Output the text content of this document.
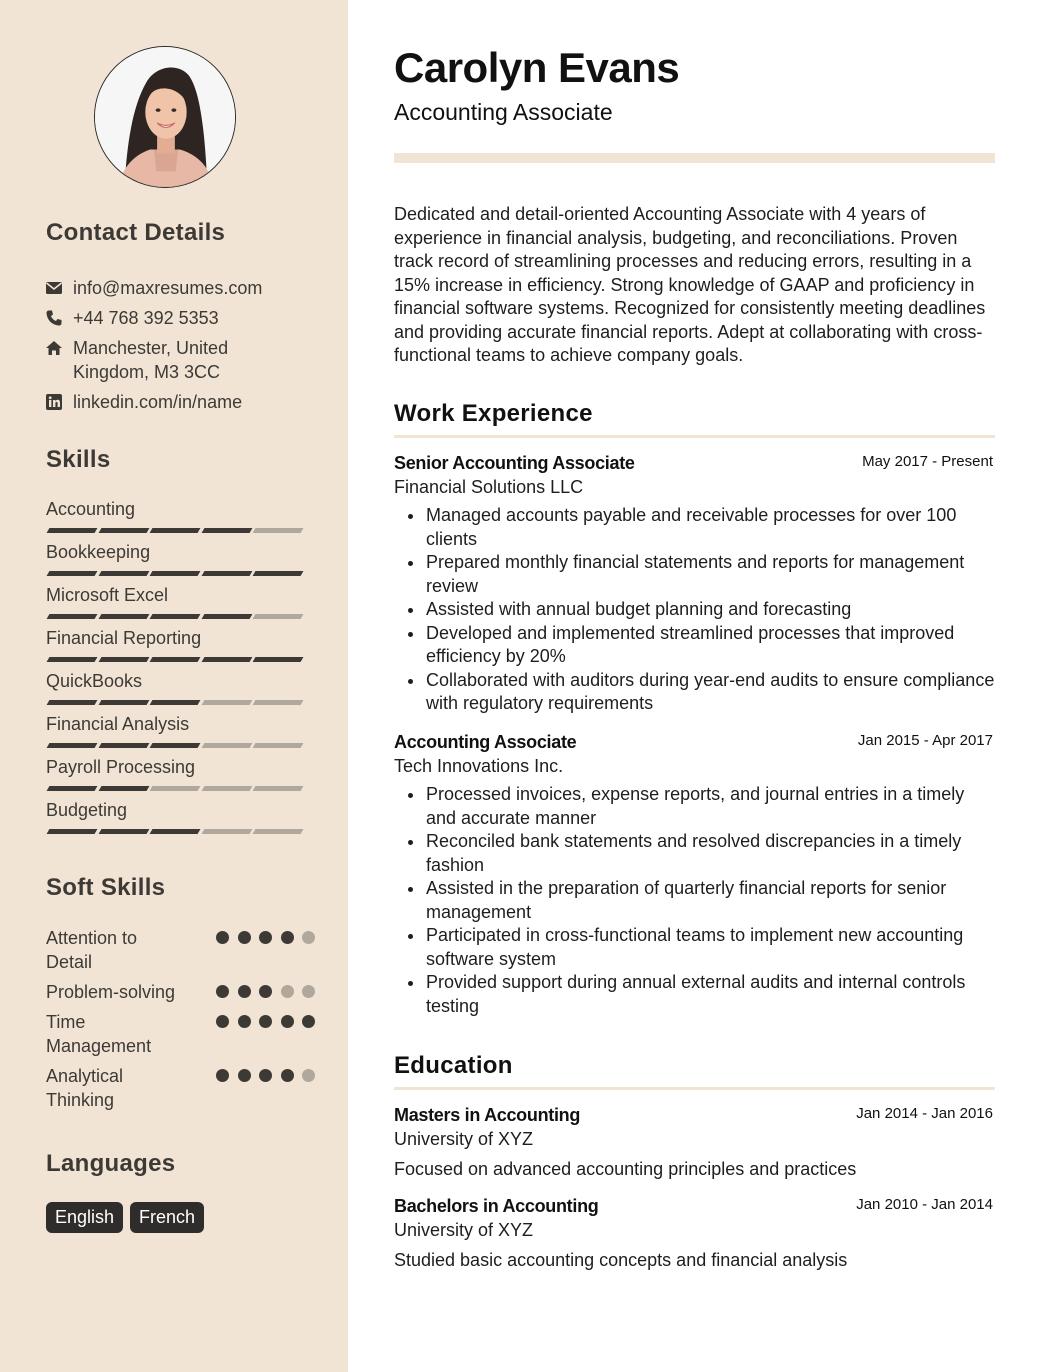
Contact Details
info@maxresumes.com
+44 768 392 5353
Manchester, United Kingdom, M3 3CC
linkedin.com/in/name
Skills
Accounting
Bookkeeping
Microsoft Excel
Financial Reporting
QuickBooks
Financial Analysis
Payroll Processing
Budgeting
Soft Skills
Attention to Detail
Problem-solving
Time Management
Analytical Thinking
Languages
English	French
Carolyn Evans
Accounting Associate

Dedicated and detail-oriented Accounting Associate with 4 years of experience in financial analysis, budgeting, and reconciliations. Proven track record of streamlining processes and reducing errors, resulting in a 15% increase in efficiency. Strong knowledge of GAAP and proficiency in financial software systems. Recognized for consistently meeting deadlines and providing accurate financial reports. Adept at collaborating with cross-functional teams to achieve company goals.

Work Experience
Senior Accounting Associate	May 2017 - Present
Financial Solutions LLC
Managed accounts payable and receivable processes for over 100 clients
Prepared monthly financial statements and reports for management review
Assisted with annual budget planning and forecasting
Developed and implemented streamlined processes that improved efficiency by 20%
Collaborated with auditors during year-end audits to ensure compliance with regulatory requirements
Accounting Associate	Jan 2015 - Apr 2017
Tech Innovations Inc.
Processed invoices, expense reports, and journal entries in a timely and accurate manner
Reconciled bank statements and resolved discrepancies in a timely fashion
Assisted in the preparation of quarterly financial reports for senior management
Participated in cross-functional teams to implement new accounting software system
Provided support during annual external audits and internal controls testing
Education
Masters in Accounting	Jan 2014 - Jan 2016
University of XYZ
Focused on advanced accounting principles and practices
Bachelors in Accounting	Jan 2010 - Jan 2014
University of XYZ
Studied basic accounting concepts and financial analysis
